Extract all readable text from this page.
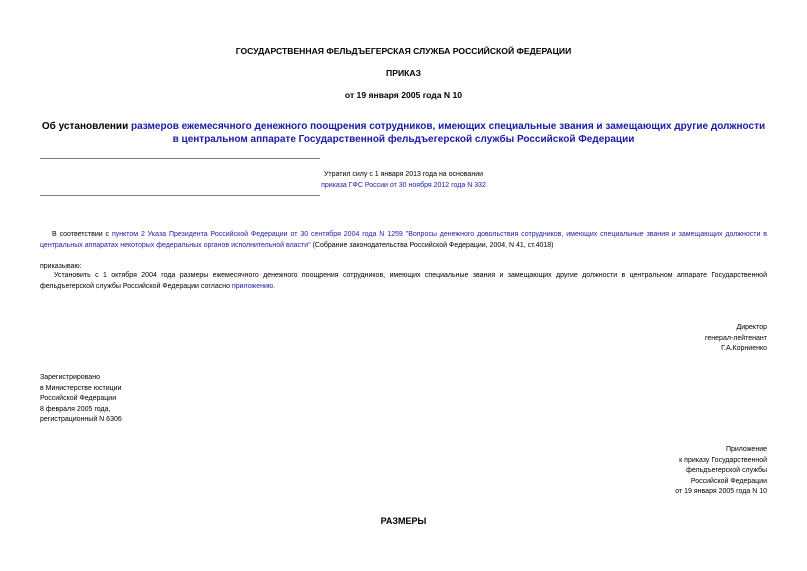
ГОСУДАРСТВЕННАЯ ФЕЛЬДЪЕГЕРСКАЯ СЛУЖБА РОССИЙСКОЙ ФЕДЕРАЦИИ
ПРИКАЗ
от 19 января 2005 года N 10
Об установлении размеров ежемесячного денежного поощрения сотрудников, имеющих специальные звания и замещающих другие должности в центральном аппарате Государственной фельдъегерской службы Российской Федерации
Утратил силу с 1 января 2013 года на основании
приказа ГФС России от 30 ноября 2012 года N 332
В соответствии с пунктом 2 Указа Президента Российской Федерации от 30 сентября 2004 года N 1259 "Вопросы денежного довольствия сотрудников, имеющих специальные звания и замещающих должности в центральных аппаратах некоторых федеральных органов исполнительной власти" (Собрание законодательства Российской Федерации, 2004, N 41, ст.4018)
приказываю:
Установить с 1 октября 2004 года размеры ежемесячного денежного поощрения сотрудников, имеющих специальные звания и замещающих другие должности в центральном аппарате Государственной фельдъегерской службы Российской Федерации согласно приложению.
Директор
генерал-лейтенант
Г.А.Корниенко
Зарегистрировано
в Министерстве юстиции
Российской Федерации
8 февраля 2005 года,
регистрационный N 6306
Приложение
к приказу Государственной
фельдъегерской службы
Российской Федерации
от 19 января 2005 года N 10
РАЗМЕРЫ
